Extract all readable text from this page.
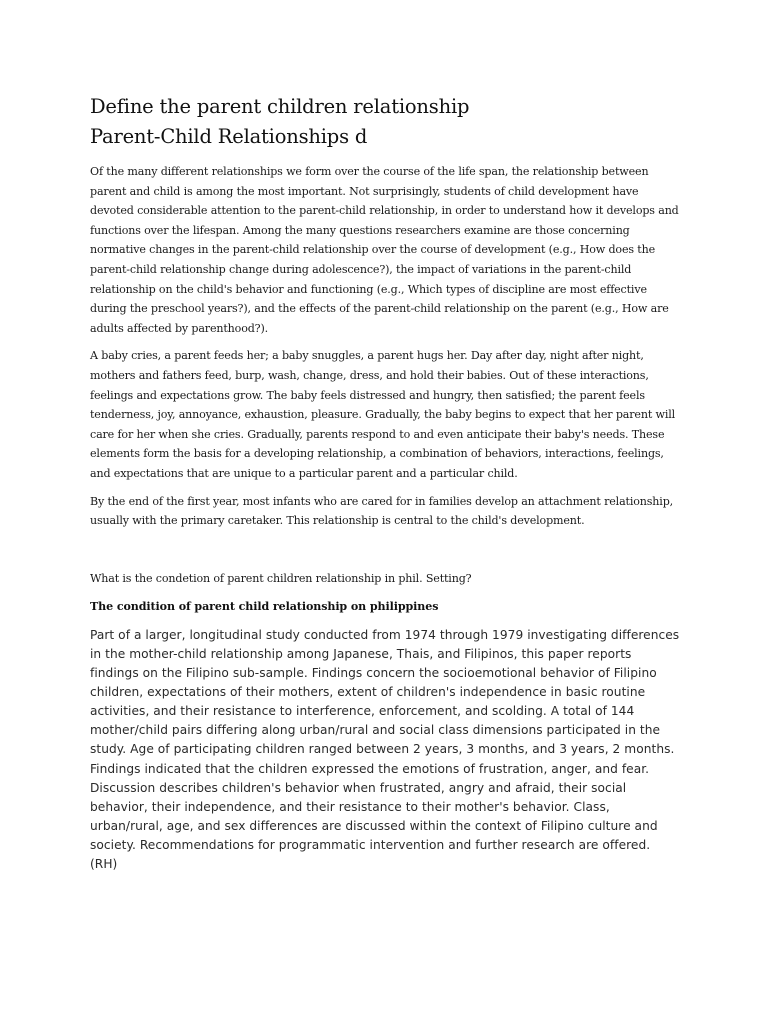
Define the parent children relationship
Parent-Child Relationships d

Of the many different relationships we form over the course of the life span, the relationship between parent and child is among the most important. Not surprisingly, students of child development have devoted considerable attention to the parent-child relationship, in order to understand how it develops and functions over the lifespan. Among the many questions researchers examine are those concerning normative changes in the parent-child relationship over the course of development (e.g., How does the parent-child relationship change during adolescence?), the impact of variations in the parent-child relationship on the child's behavior and functioning (e.g., Which types of discipline are most effective during the preschool years?), and the effects of the parent-child relationship on the parent (e.g., How are adults affected by parenthood?).

A baby cries, a parent feeds her; a baby snuggles, a parent hugs her. Day after day, night after night, mothers and fathers feed, burp, wash, change, dress, and hold their babies. Out of these interactions, feelings and expectations grow. The baby feels distressed and hungry, then satisfied; the parent feels tenderness, joy, annoyance, exhaustion, pleasure. Gradually, the baby begins to expect that her parent will care for her when she cries. Gradually, parents respond to and even anticipate their baby's needs. These elements form the basis for a developing relationship, a combination of behaviors, interactions, feelings, and expectations that are unique to a particular parent and a particular child.

By the end of the first year, most infants who are cared for in families develop an attachment relationship, usually with the primary caretaker. This relationship is central to the child's development.

What is the condetion of parent children relationship in phil. Setting?

The condition of parent child relationship on philippines

Part of a larger, longitudinal study conducted from 1974 through 1979 investigating differences in the mother-child relationship among Japanese, Thais, and Filipinos, this paper reports findings on the Filipino sub-sample. Findings concern the socioemotional behavior of Filipino children, expectations of their mothers, extent of children's independence in basic routine activities, and their resistance to interference, enforcement, and scolding. A total of 144 mother/child pairs differing along urban/rural and social class dimensions participated in the study. Age of participating children ranged between 2 years, 3 months, and 3 years, 2 months. Findings indicated that the children expressed the emotions of frustration, anger, and fear. Discussion describes children's behavior when frustrated, angry and afraid, their social behavior, their independence, and their resistance to their mother's behavior. Class, urban/rural, age, and sex differences are discussed within the context of Filipino culture and society. Recommendations for programmatic intervention and further research are offered. (RH)
